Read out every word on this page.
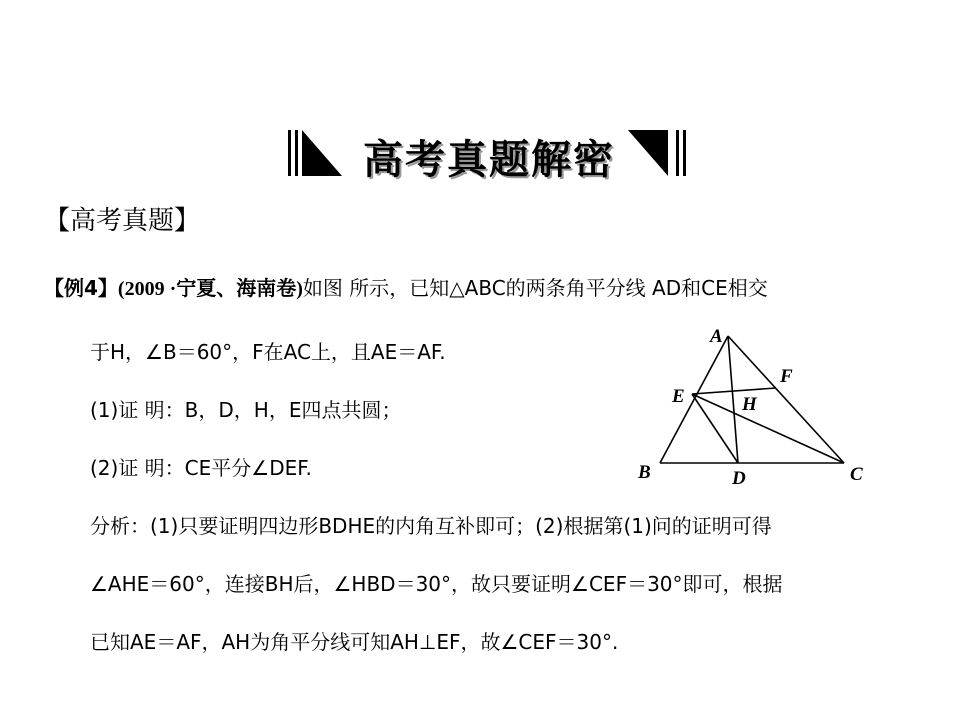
高考真题解密
【高考真题】
【例4】(2009 ·宁夏、海南卷)如图 所示，已知△ABC的两条角平分线 AD和CE相交
于H，∠B＝60°，F在AC上，且AE＝AF.
(1)证 明：B，D，H，E四点共圆；
(2)证 明：CE平分∠DEF.
分析：(1)只要证明四边形BDHE的内角互补即可；(2)根据第(1)问的证明可得
∠AHE＝60°，连接BH后，∠HBD＝30°，故只要证明∠CEF＝30°即可，根据
已知AE＝AF，AH为角平分线可知AH⊥EF，故∠CEF＝30°.
A
B	C
D
E
F
H
